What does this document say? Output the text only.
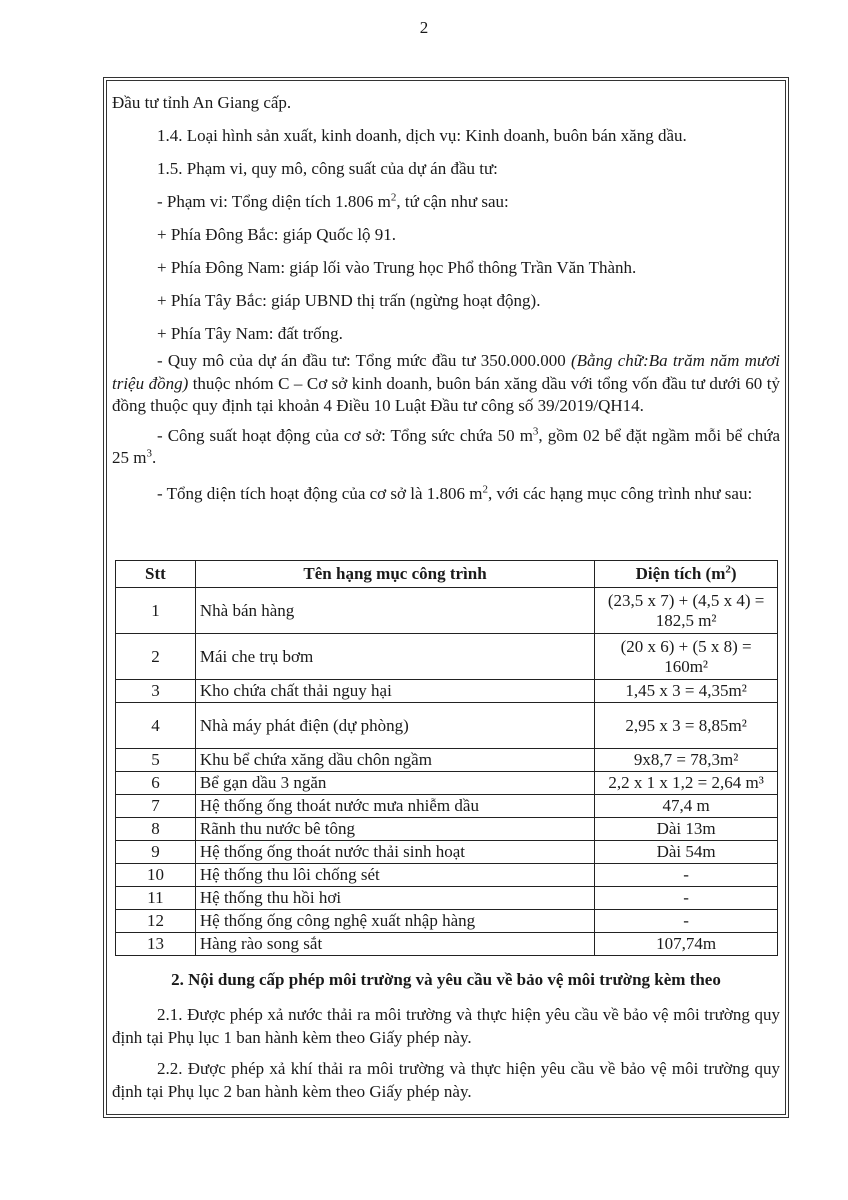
2

Đầu tư tỉnh An Giang cấp.

1.4. Loại hình sản xuất, kinh doanh, dịch vụ: Kinh doanh, buôn bán xăng dầu.

1.5. Phạm vi, quy mô, công suất của dự án đầu tư:

- Phạm vi: Tổng diện tích 1.806 $m^2$, tứ cận như sau:

+ Phía Đông Bắc: giáp Quốc lộ 91.

+ Phía Đông Nam: giáp lối vào Trung học Phổ thông Trần Văn Thành.

+ Phía Tây Bắc: giáp UBND thị trấn (ngừng hoạt động).

+ Phía Tây Nam: đất trống.

- Quy mô của dự án đầu tư: Tổng mức đầu tư 350.000.000 (Bằng chữ:Ba trăm năm mươi triệu đồng) thuộc nhóm C – Cơ sở kinh doanh, buôn bán xăng dầu với tổng vốn đầu tư dưới 60 tỷ đồng thuộc quy định tại khoản 4 Điều 10 Luật Đầu tư công số 39/2019/QH14.

- Công suất hoạt động của cơ sở: Tổng sức chứa 50 $m^3$, gồm 02 bể đặt ngầm mỗi bể chứa 25 $m^3$.

- Tổng diện tích hoạt động của cơ sở là 1.806 $m^2$, với các hạng mục công trình như sau:

Stt	Tên hạng mục công trình	Diện tích $(m^2)$
1	Nhà bán hàng	(23,5 x 7) + (4,5 x 4) = 182,5 m²
2	Mái che trụ bơm	(20 x 6) + (5 x 8) = 160m²
3	Kho chứa chất thải nguy hại	1,45 x 3 = 4,35m²
4	Nhà máy phát điện (dự phòng)	2,95 x 3 = 8,85m²
5	Khu bể chứa xăng dầu chôn ngầm	9x8,7 = 78,3m²
6	Bể gạn dầu 3 ngăn	2,2 x 1 x 1,2 = 2,64 m³
7	Hệ thống ống thoát nước mưa nhiễm dầu	47,4 m
8	Rãnh thu nước bê tông	Dài 13m
9	Hệ thống ống thoát nước thải sinh hoạt	Dài 54m
10	Hệ thống thu lôi chống sét	-
11	Hệ thống thu hồi hơi	-
12	Hệ thống ống công nghệ xuất nhập hàng	-
13	Hàng rào song sắt	107,74m

2. Nội dung cấp phép môi trường và yêu cầu về bảo vệ môi trường kèm theo

2.1. Được phép xả nước thải ra môi trường và thực hiện yêu cầu về bảo vệ môi trường quy định tại Phụ lục 1 ban hành kèm theo Giấy phép này.

2.2. Được phép xả khí thải ra môi trường và thực hiện yêu cầu về bảo vệ môi trường quy định tại Phụ lục 2 ban hành kèm theo Giấy phép này.
